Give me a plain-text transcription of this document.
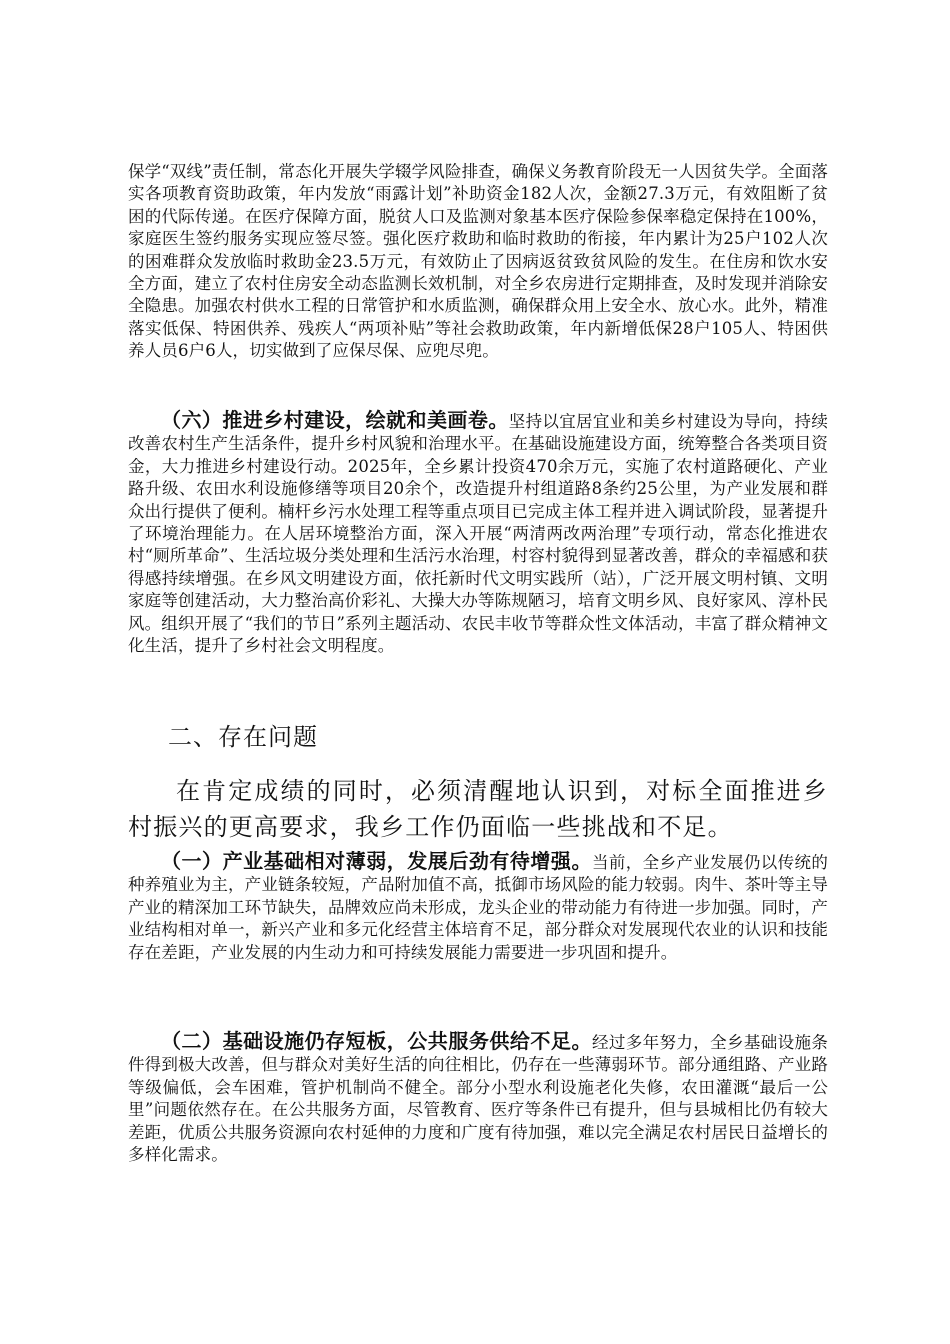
保学“双线”责任制，常态化开展失学辍学风险排查，确保义务教育阶段无一人因贫失学。全面落实各项教育资助政策，年内发放“雨露计划”补助资金182人次，金额27.3万元，有效阻断了贫困的代际传递。在医疗保障方面，脱贫人口及监测对象基本医疗保险参保率稳定保持在100%，家庭医生签约服务实现应签尽签。强化医疗救助和临时救助的衔接，年内累计为25户102人次的困难群众发放临时救助金23.5万元，有效防止了因病返贫致贫风险的发生。在住房和饮水安全方面，建立了农村住房安全动态监测长效机制，对全乡农房进行定期排查，及时发现并消除安全隐患。加强农村供水工程的日常管护和水质监测，确保群众用上安全水、放心水。此外，精准落实低保、特困供养、残疾人“两项补贴”等社会救助政策，年内新增低保28户105人、特困供养人员6户6人，切实做到了应保尽保、应兜尽兜。

（六）推进乡村建设，绘就和美画卷。坚持以宜居宜业和美乡村建设为导向，持续改善农村生产生活条件，提升乡村风貌和治理水平。在基础设施建设方面，统筹整合各类项目资金，大力推进乡村建设行动。2025年，全乡累计投资470余万元，实施了农村道路硬化、产业路升级、农田水利设施修缮等项目20余个，改造提升村组道路8条约25公里，为产业发展和群众出行提供了便利。楠杆乡污水处理工程等重点项目已完成主体工程并进入调试阶段，显著提升了环境治理能力。在人居环境整治方面，深入开展“两清两改两治理”专项行动，常态化推进农村“厕所革命”、生活垃圾分类处理和生活污水治理，村容村貌得到显著改善，群众的幸福感和获得感持续增强。在乡风文明建设方面，依托新时代文明实践所（站），广泛开展文明村镇、文明家庭等创建活动，大力整治高价彩礼、大操大办等陈规陋习，培育文明乡风、良好家风、淳朴民风。组织开展了“我们的节日”系列主题活动、农民丰收节等群众性文体活动，丰富了群众精神文化生活，提升了乡村社会文明程度。

二、存在问题

在肯定成绩的同时，必须清醒地认识到，对标全面推进乡村振兴的更高要求，我乡工作仍面临一些挑战和不足。

（一）产业基础相对薄弱，发展后劲有待增强。当前，全乡产业发展仍以传统的种养殖业为主，产业链条较短，产品附加值不高，抵御市场风险的能力较弱。肉牛、茶叶等主导产业的精深加工环节缺失，品牌效应尚未形成，龙头企业的带动能力有待进一步加强。同时，产业结构相对单一，新兴产业和多元化经营主体培育不足，部分群众对发展现代农业的认识和技能存在差距，产业发展的内生动力和可持续发展能力需要进一步巩固和提升。

（二）基础设施仍存短板，公共服务供给不足。经过多年努力，全乡基础设施条件得到极大改善，但与群众对美好生活的向往相比，仍存在一些薄弱环节。部分通组路、产业路等级偏低，会车困难，管护机制尚不健全。部分小型水利设施老化失修，农田灌溉“最后一公里”问题依然存在。在公共服务方面，尽管教育、医疗等条件已有提升，但与县城相比仍有较大差距，优质公共服务资源向农村延伸的力度和广度有待加强，难以完全满足农村居民日益增长的多样化需求。
